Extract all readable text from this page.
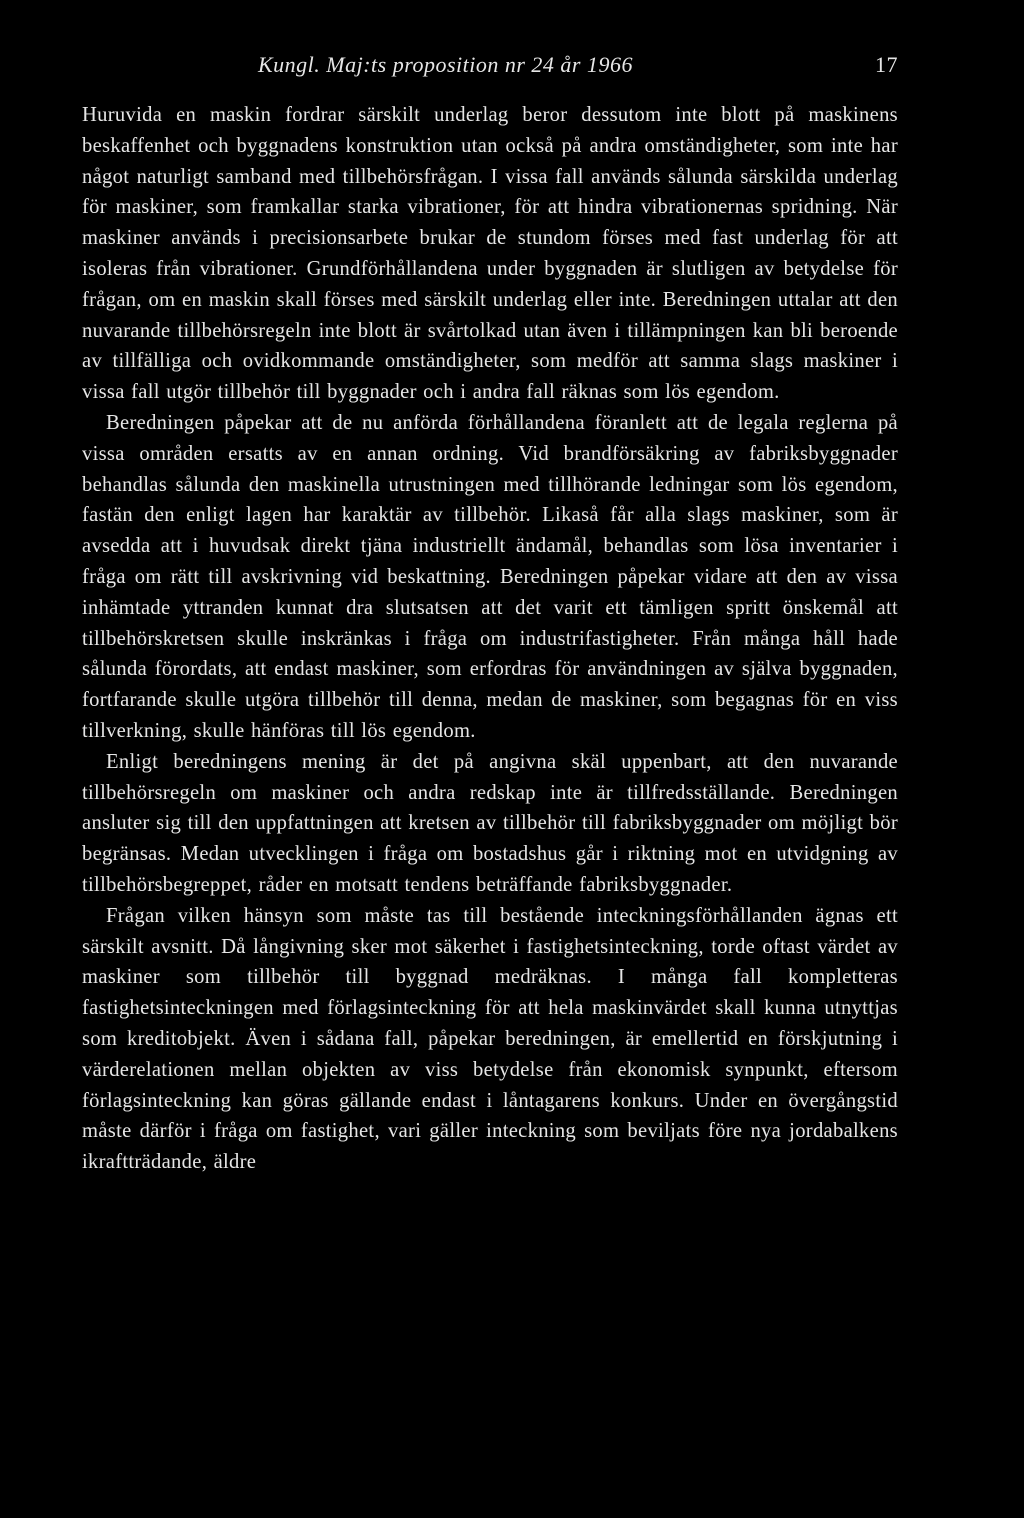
Kungl. Maj:ts proposition nr 24 år 1966	17

Huruvida en maskin fordrar särskilt underlag beror dessutom inte blott på maskinens beskaffenhet och byggnadens konstruktion utan också på andra omständigheter, som inte har något naturligt samband med tillbehörsfrågan. I vissa fall används sålunda särskilda underlag för maskiner, som framkallar starka vibrationer, för att hindra vibrationernas spridning. När maskiner används i precisionsarbete brukar de stundom förses med fast underlag för att isoleras från vibrationer. Grundförhållandena under byggnaden är slutligen av betydelse för frågan, om en maskin skall förses med särskilt underlag eller inte. Beredningen uttalar att den nuvarande tillbehörsregeln inte blott är svårtolkad utan även i tillämpningen kan bli beroende av tillfälliga och ovidkommande omständigheter, som medför att samma slags maskiner i vissa fall utgör tillbehör till byggnader och i andra fall räknas som lös egendom.

Beredningen påpekar att de nu anförda förhållandena föranlett att de legala reglerna på vissa områden ersatts av en annan ordning. Vid brandförsäkring av fabriksbyggnader behandlas sålunda den maskinella utrustningen med tillhörande ledningar som lös egendom, fastän den enligt lagen har karaktär av tillbehör. Likaså får alla slags maskiner, som är avsedda att i huvudsak direkt tjäna industriellt ändamål, behandlas som lösa inventarier i fråga om rätt till avskrivning vid beskattning. Beredningen påpekar vidare att den av vissa inhämtade yttranden kunnat dra slutsatsen att det varit ett tämligen spritt önskemål att tillbehörskretsen skulle inskränkas i fråga om industrifastigheter. Från många håll hade sålunda förordats, att endast maskiner, som erfordras för användningen av själva byggnaden, fortfarande skulle utgöra tillbehör till denna, medan de maskiner, som begagnas för en viss tillverkning, skulle hänföras till lös egendom.

Enligt beredningens mening är det på angivna skäl uppenbart, att den nuvarande tillbehörsregeln om maskiner och andra redskap inte är tillfredsställande. Beredningen ansluter sig till den uppfattningen att kretsen av tillbehör till fabriksbyggnader om möjligt bör begränsas. Medan utvecklingen i fråga om bostadshus går i riktning mot en utvidgning av tillbehörsbegreppet, råder en motsatt tendens beträffande fabriksbyggnader.

Frågan vilken hänsyn som måste tas till bestående inteckningsförhållanden ägnas ett särskilt avsnitt. Då långivning sker mot säkerhet i fastighetsinteckning, torde oftast värdet av maskiner som tillbehör till byggnad medräknas. I många fall kompletteras fastighetsinteckningen med förlagsinteckning för att hela maskinvärdet skall kunna utnyttjas som kreditobjekt. Även i sådana fall, påpekar beredningen, är emellertid en förskjutning i värderelationen mellan objekten av viss betydelse från ekonomisk synpunkt, eftersom förlagsinteckning kan göras gällande endast i låntagarens konkurs. Under en övergångstid måste därför i fråga om fastighet, vari gäller inteckning som beviljats före nya jordabalkens ikraftträdande, äldre
